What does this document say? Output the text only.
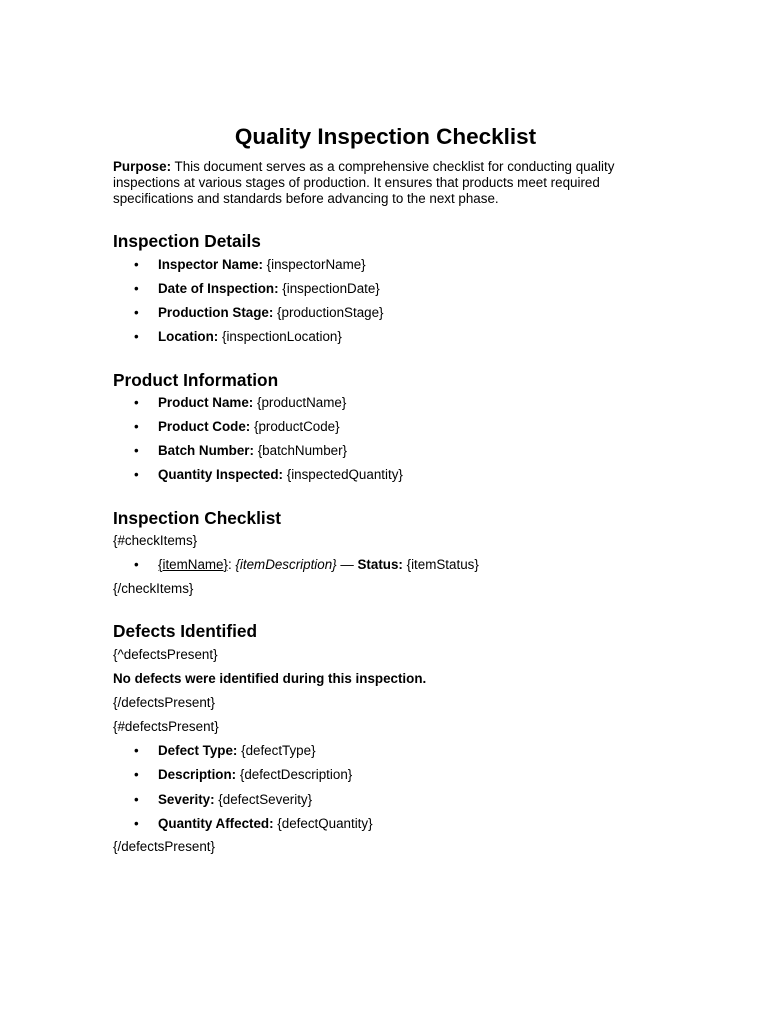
Quality Inspection Checklist

Purpose: This document serves as a comprehensive checklist for conducting quality inspections at various stages of production. It ensures that products meet required specifications and standards before advancing to the next phase.

Inspection Details
• Inspector Name: {inspectorName}
• Date of Inspection: {inspectionDate}
• Production Stage: {productionStage}
• Location: {inspectionLocation}
Product Information
• Product Name: {productName}
• Product Code: {productCode}
• Batch Number: {batchNumber}
• Quantity Inspected: {inspectedQuantity}
Inspection Checklist

{#checkItems}

• {itemName}: {itemDescription} — Status: {itemStatus}

{/checkItems}

Defects Identified

{^defectsPresent}

No defects were identified during this inspection.

{/defectsPresent}

{#defectsPresent}

• Defect Type: {defectType}
• Description: {defectDescription}
• Severity: {defectSeverity}
• Quantity Affected: {defectQuantity}

{/defectsPresent}
